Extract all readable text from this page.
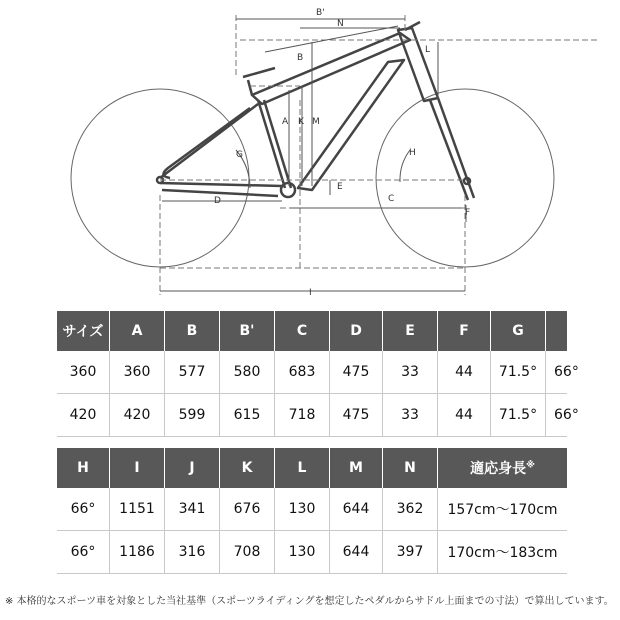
B'
N
B
L
A K M
G	H
E
D	C
F
I
サイズ	A	B	B'	C	D	E	F	G	
360	360	577	580	683	475	33	44	71.5°	66°
420	420	599	615	718	475	33	44	71.5°	66°
H	I	J	K	L	M	N	適応身長※
66°	1151	341	676	130	644	362	157cm〜170cm
66°	1186	316	708	130	644	397	170cm〜183cm
※ 本格的なスポーツ車を対象とした当社基準（スポーツライディングを想定したペダルからサドル上面までの寸法）で算出しています。
